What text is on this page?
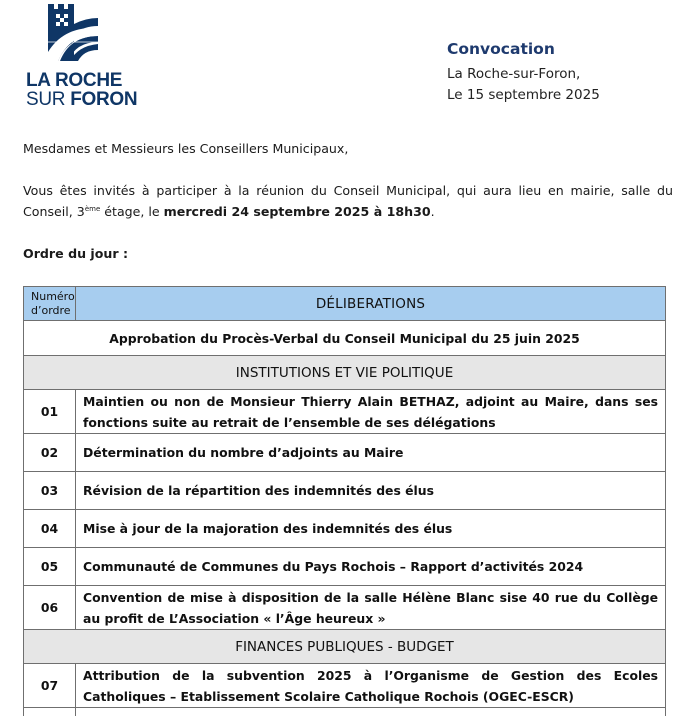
LA ROCHE
SUR FORON
Convocation
La Roche-sur-Foron,
Le 15 septembre 2025
Mesdames et Messieurs les Conseillers Municipaux,
Vous êtes invités à participer à la réunion du Conseil Municipal, qui aura lieu en mairie, salle du Conseil, 3ème étage, le mercredi 24 septembre 2025 à 18h30.
Ordre du jour :
Numéro
d’ordre	DÉLIBERATIONS
Approbation du Procès-Verbal du Conseil Municipal du 25 juin 2025	
INSTITUTIONS ET VIE POLITIQUE	
01	Maintien ou non de Monsieur Thierry Alain BETHAZ, adjoint au Maire, dans ses fonctions suite au retrait de l’ensemble de ses délégations
02	Détermination du nombre d’adjoints au Maire
03	Révision de la répartition des indemnités des élus
04	Mise à jour de la majoration des indemnités des élus
05	Communauté de Communes du Pays Rochois – Rapport d’activités 2024
06	Convention de mise à disposition de la salle Hélène Blanc sise 40 rue du Collège au profit de L’Association « l’Âge heureux »
FINANCES PUBLIQUES - BUDGET	
07	Attribution de la subvention 2025 à l’Organisme de Gestion des Ecoles Catholiques – Etablissement Scolaire Catholique Rochois (OGEC-ESCR)
